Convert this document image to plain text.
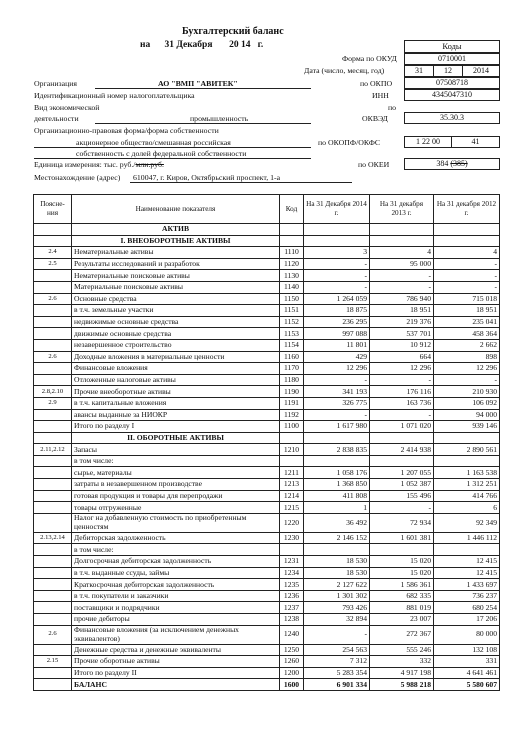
Бухгалтерский баланс
на 31 Декабря 20 14 г.	Коды
Форма по ОКУД	0710001
Дата (число, месяц, год)	31	12	2014
Организация	АО "ВМП "АВИТЕК"	по ОКПО	07508718
Идентификационный номер налогоплательщика	ИНН	4345047310
Вид экономической	по
деятельности	промышленность	ОКВЭД	35.30.3
Организационно-правовая форма/форма собственности
акционерное общество/смешанная российская	по ОКОПФ/ОКФС	1 22 00	41
собственность с долей федеральной собственности
Единица измерения: тыс. руб./млн.руб.	по ОКЕИ	384 (385)
Местонахождение (адрес) 610047, г. Киров, Октябрьский проспект, 1-а
Поясне-ния	Наименование показателя	Код	На 31 Декабря 2014 г.	На 31 декабря 2013 г.	На 31 декабря 2012 г.
	АКТИВ				
	I. ВНЕОБОРОТНЫЕ АКТИВЫ				
2.4	Нематериальные активы	1110	3	4	4
2.5	Результаты исследований и разработок	1120	-	95 000	-
	Нематериальные поисковые активы	1130	-	-	-
	Материальные поисковые активы	1140	-	-	-
2.6	Основные средства	1150	1 264 059	786 940	715 018
	в т.ч. земельные участки	1151	18 875	18 951	18 951
	недвижимые основные средства	1152	236 295	219 376	235 041
	движимые основные средства	1153	997 088	537 701	458 364
	незавершенное строительство	1154	11 801	10 912	2 662
2.6	Доходные вложения в материальные ценности	1160	429	664	898
	Финансовые вложения	1170	12 296	12 296	12 296
	Отложенные налоговые активы	1180	-	-	-
2.8,2.10	Прочие внеоборотные активы	1190	341 193	176 116	210 930
2.9	в т.ч. капитальные вложения	1191	326 775	163 736	106 092
	авансы выданные за НИОКР	1192	-	-	94 000
	Итого по разделу I	1100	1 617 980	1 071 020	939 146
	II. ОБОРОТНЫЕ АКТИВЫ				
2.11,2.12	Запасы	1210	2 838 835	2 414 938	2 890 561
	в том числе:				
	сырье, материалы	1211	1 058 176	1 207 055	1 163 538
	затраты в незавершенном производстве	1213	1 368 850	1 052 387	1 312 251
	готовая продукция и товары для перепродажи	1214	411 808	155 496	414 766
	товары отгруженные	1215	1	-	6
	Налог на добавленную стоимость по приобретенным ценностям	1220	36 492	72 934	92 349
2.13,2.14	Дебиторская задолженность	1230	2 146 152	1 601 381	1 446 112
	в том числе:				
	Долгосрочная дебиторская задолженность	1231	18 530	15 020	12 415
	в т.ч. выданные ссуды, займы	1234	18 530	15 020	12 415
	Краткосрочная дебиторская задолженность	1235	2 127 622	1 586 361	1 433 697
	в т.ч. покупатели и заказчики	1236	1 301 302	682 335	736 237
	поставщики и подрядчики	1237	793 426	881 019	680 254
	прочие дебиторы	1238	32 894	23 007	17 206
2.6	Финансовые вложения (за исключением денежных эквивалентов)	1240	-	272 367	80 000
	Денежные средства и денежные эквиваленты	1250	254 563	555 246	132 108
2.15	Прочие оборотные активы	1260	7 312	332	331
	Итого по разделу II	1200	5 283 354	4 917 198	4 641 461
	БАЛАНС	1600	6 901 334	5 988 218	5 580 607
